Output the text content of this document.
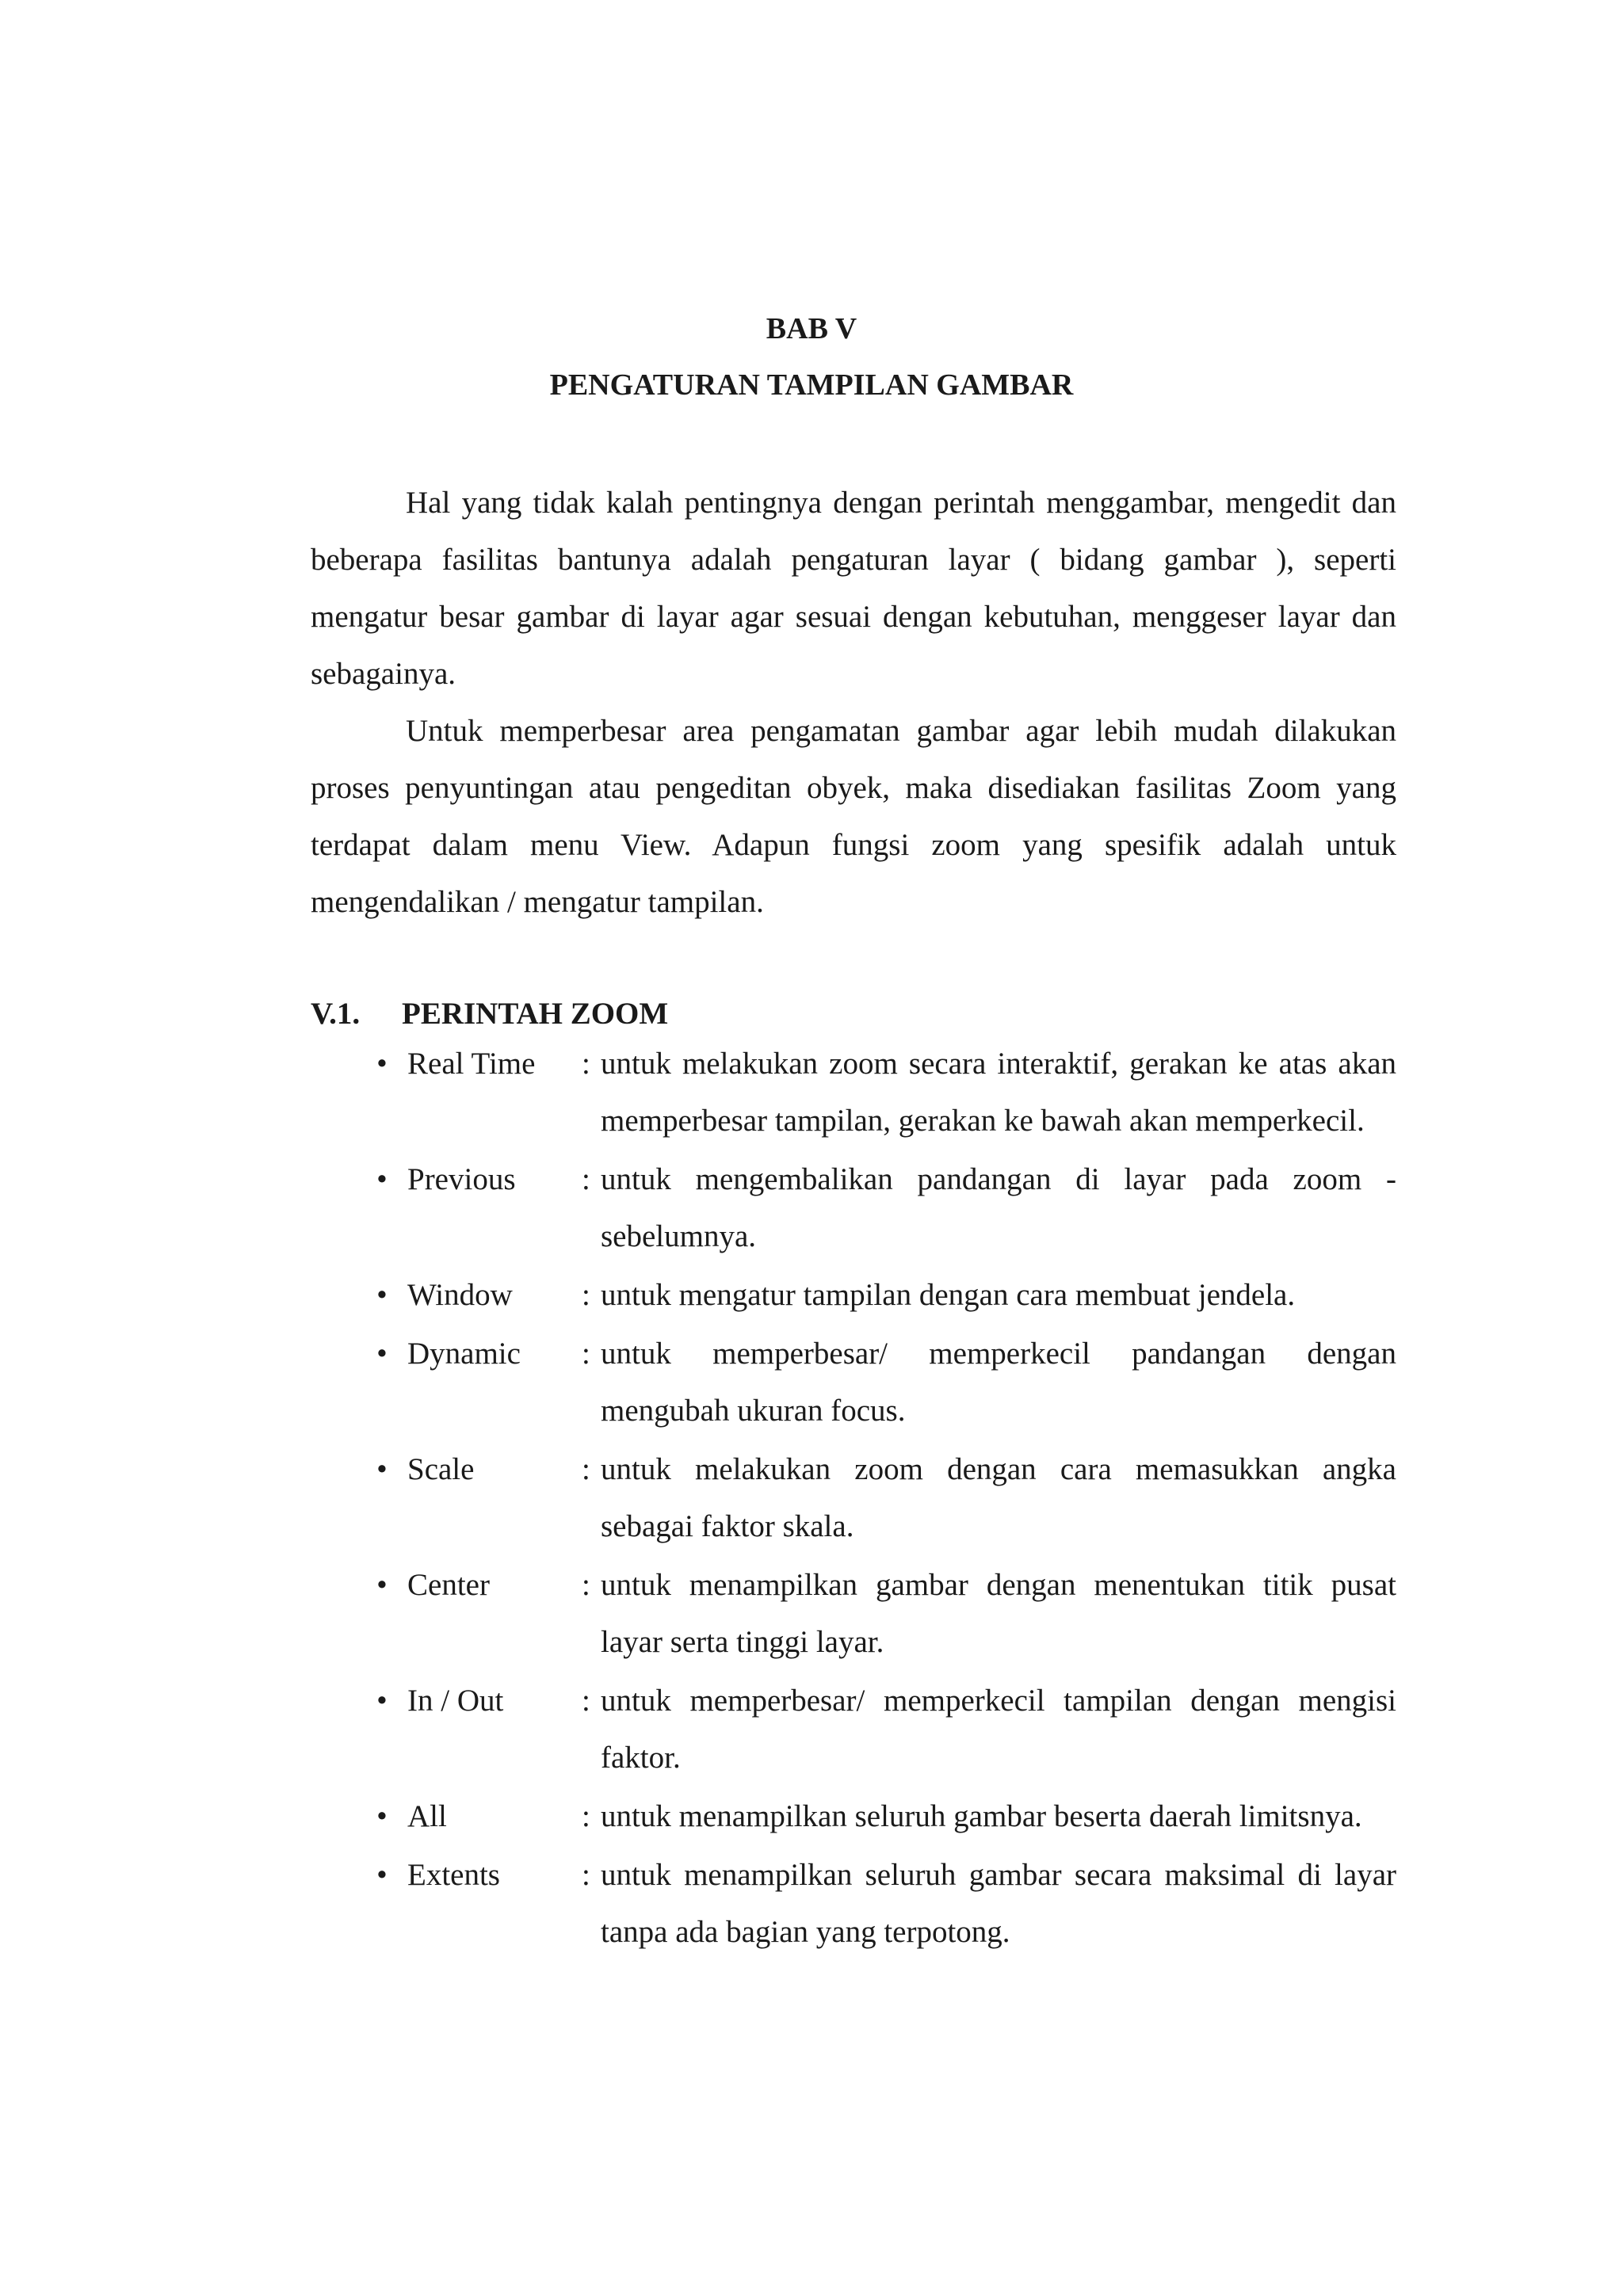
BAB V
PENGATURAN TAMPILAN GAMBAR

Hal yang tidak kalah pentingnya dengan perintah menggambar, mengedit dan beberapa fasilitas bantunya adalah pengaturan layar ( bidang gambar ), seperti mengatur besar gambar di layar agar sesuai dengan kebutuhan, menggeser layar dan sebagainya.

Untuk memperbesar area pengamatan gambar agar lebih mudah dilakukan proses penyuntingan atau pengeditan obyek, maka disediakan fasilitas Zoom yang terdapat dalam menu View. Adapun fungsi zoom yang spesifik adalah untuk mengendalikan / mengatur tampilan.

V.1. PERINTAH ZOOM
• Real Time : untuk melakukan zoom secara interaktif, gerakan ke atas akan memperbesar tampilan, gerakan ke bawah akan memperkecil.
• Previous : untuk mengembalikan pandangan di layar pada zoom - sebelumnya.
• Window : untuk mengatur tampilan dengan cara membuat jendela.
• Dynamic : untuk memperbesar/ memperkecil pandangan dengan mengubah ukuran focus.
• Scale	: untuk melakukan zoom dengan cara memasukkan angka sebagai faktor skala.
• Center	: untuk menampilkan gambar dengan menentukan titik pusat layar serta tinggi layar.
• In / Out	: untuk memperbesar/ memperkecil tampilan dengan mengisi faktor.
• All	: untuk menampilkan seluruh gambar beserta daerah limitsnya.
• Extents	: untuk menampilkan seluruh gambar secara maksimal di layar tanpa ada bagian yang terpotong.
